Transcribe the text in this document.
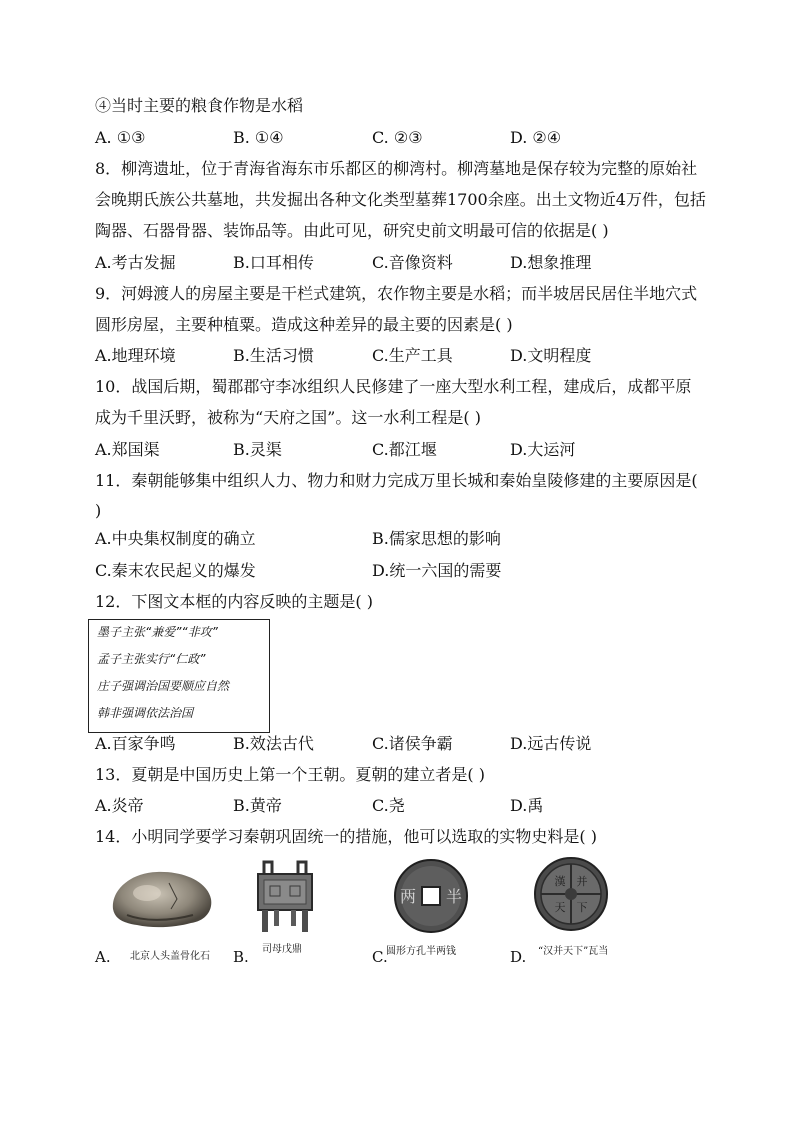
④当时主要的粮食作物是水稻
A. ①③	B. ①④	C. ②③	D. ②④
8．柳湾遗址，位于青海省海东市乐都区的柳湾村。柳湾墓地是保存较为完整的原始社
会晚期氏族公共墓地，共发掘出各种文化类型墓葬1700余座。出土文物近4万件，包括
陶器、石器骨器、装饰品等。由此可见，研究史前文明最可信的依据是( )
A.考古发掘	B.口耳相传	C.音像资料	D.想象推理
9．河姆渡人的房屋主要是干栏式建筑，农作物主要是水稻；而半坡居民居住半地穴式
圆形房屋，主要种植粟。造成这种差异的最主要的因素是( )
A.地理环境	B.生活习惯	C.生产工具	D.文明程度
10．战国后期，蜀郡郡守李冰组织人民修建了一座大型水利工程，建成后，成都平原
成为千里沃野，被称为“天府之国”。这一水利工程是( )
A.郑国渠	B.灵渠	C.都江堰	D.大运河
11．秦朝能够集中组织人力、物力和财力完成万里长城和秦始皇陵修建的主要原因是(
)
A.中央集权制度的确立	B.儒家思想的影响
C.秦末农民起义的爆发	D.统一六国的需要
12．下图文本框的内容反映的主题是( )
墨子主张“兼爱”“非攻”
孟子主张实行“仁政”
庄子强调治国要顺应自然
韩非强调依法治国
A.百家争鸣	B.效法古代	C.诸侯争霸	D.远古传说
13．夏朝是中国历史上第一个王朝。夏朝的建立者是( )
A.炎帝	B.黄帝	C.尧	D.禹
14．小明同学要学习秦朝巩固统一的措施，他可以选取的实物史料是( )
A. 北京人头盖骨化石 B. 司母戊鼎
半
两
C.
圆形方孔半两钱
漢 并
天 下
D. “汉并天下”瓦当
